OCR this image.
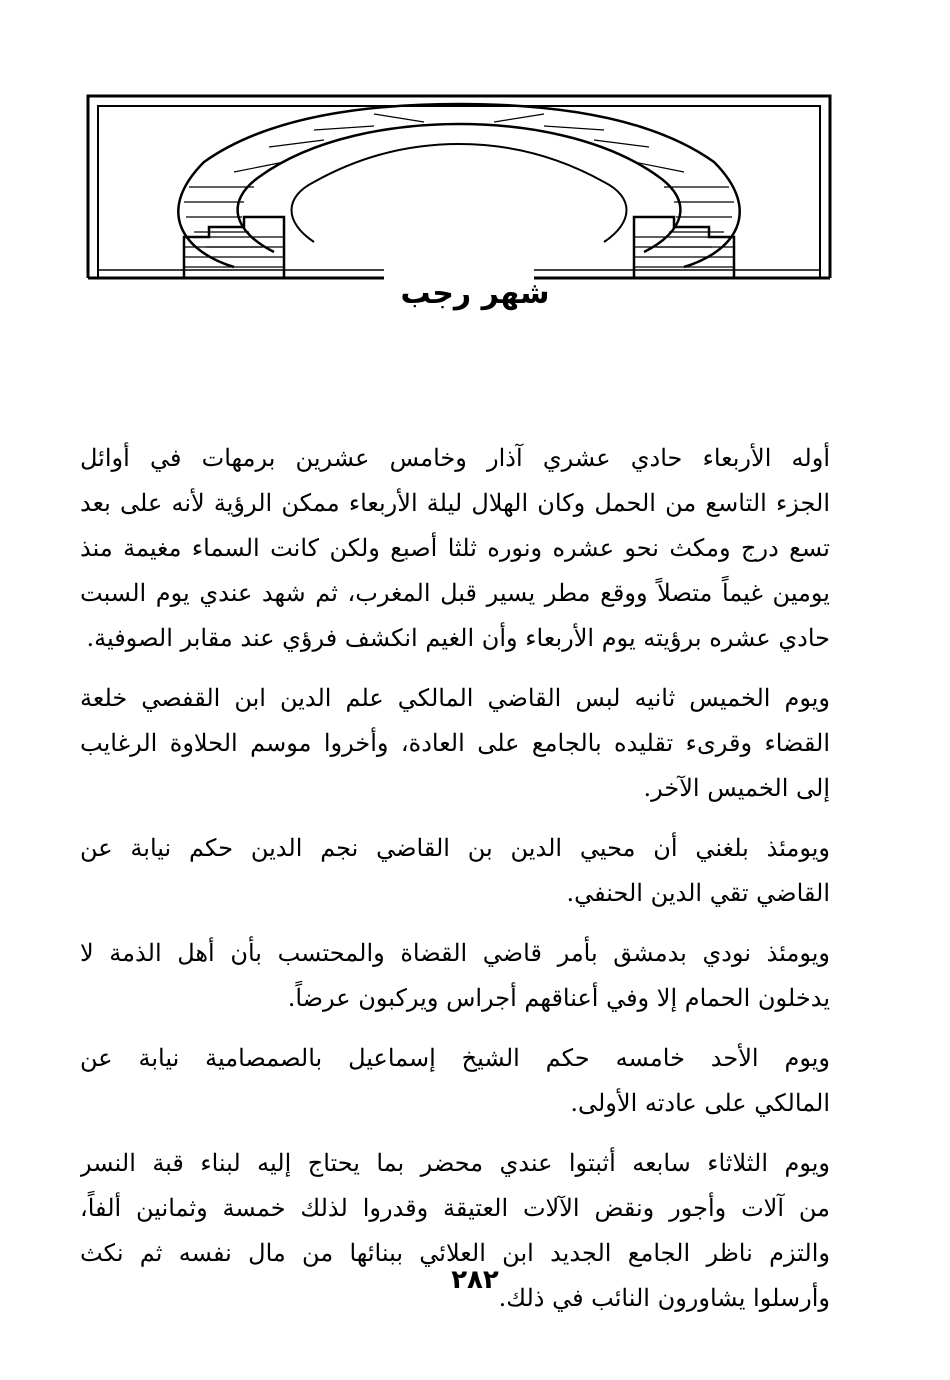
شهر رجب

أوله الأربعاء حادي عشري آذار وخامس عشرين برمهات في أوائل
الجزء التاسع من الحمل وكان الهلال ليلة الأربعاء ممكن الرؤية لأنه على بعد
تسع درج ومكث نحو عشره ونوره ثلثا أصبع ولكن كانت السماء مغيمة منذ
يومين غيماً متصلاً ووقع مطر يسير قبل المغرب، ثم شهد عندي يوم السبت
حادي عشره برؤيته يوم الأربعاء وأن الغيم انكشف فرؤي عند مقابر الصوفية.

ويوم الخميس ثانيه لبس القاضي المالكي علم الدين ابن القفصي خلعة
القضاء وقرىء تقليده بالجامع على العادة، وأخروا موسم الحلاوة الرغايب
إلى الخميس الآخر.

ويومئذ بلغني أن محيي الدين بن القاضي نجم الدين حكم نيابة عن
القاضي تقي الدين الحنفي.

ويومئذ نودي بدمشق بأمر قاضي القضاة والمحتسب بأن أهل الذمة لا
يدخلون الحمام إلا وفي أعناقهم أجراس ويركبون عرضاً.

ويوم الأحد خامسه حكم الشيخ إسماعيل بالصمصامية نيابة عن
المالكي على عادته الأولى.

ويوم الثلاثاء سابعه أثبتوا عندي محضر بما يحتاج إليه لبناء قبة النسر
من آلات وأجور ونقض الآلات العتيقة وقدروا لذلك خمسة وثمانين ألفاً،
والتزم ناظر الجامع الجديد ابن العلائي ببنائها من مال نفسه ثم نكث
وأرسلوا يشاورون النائب في ذلك.

٢٨٢
